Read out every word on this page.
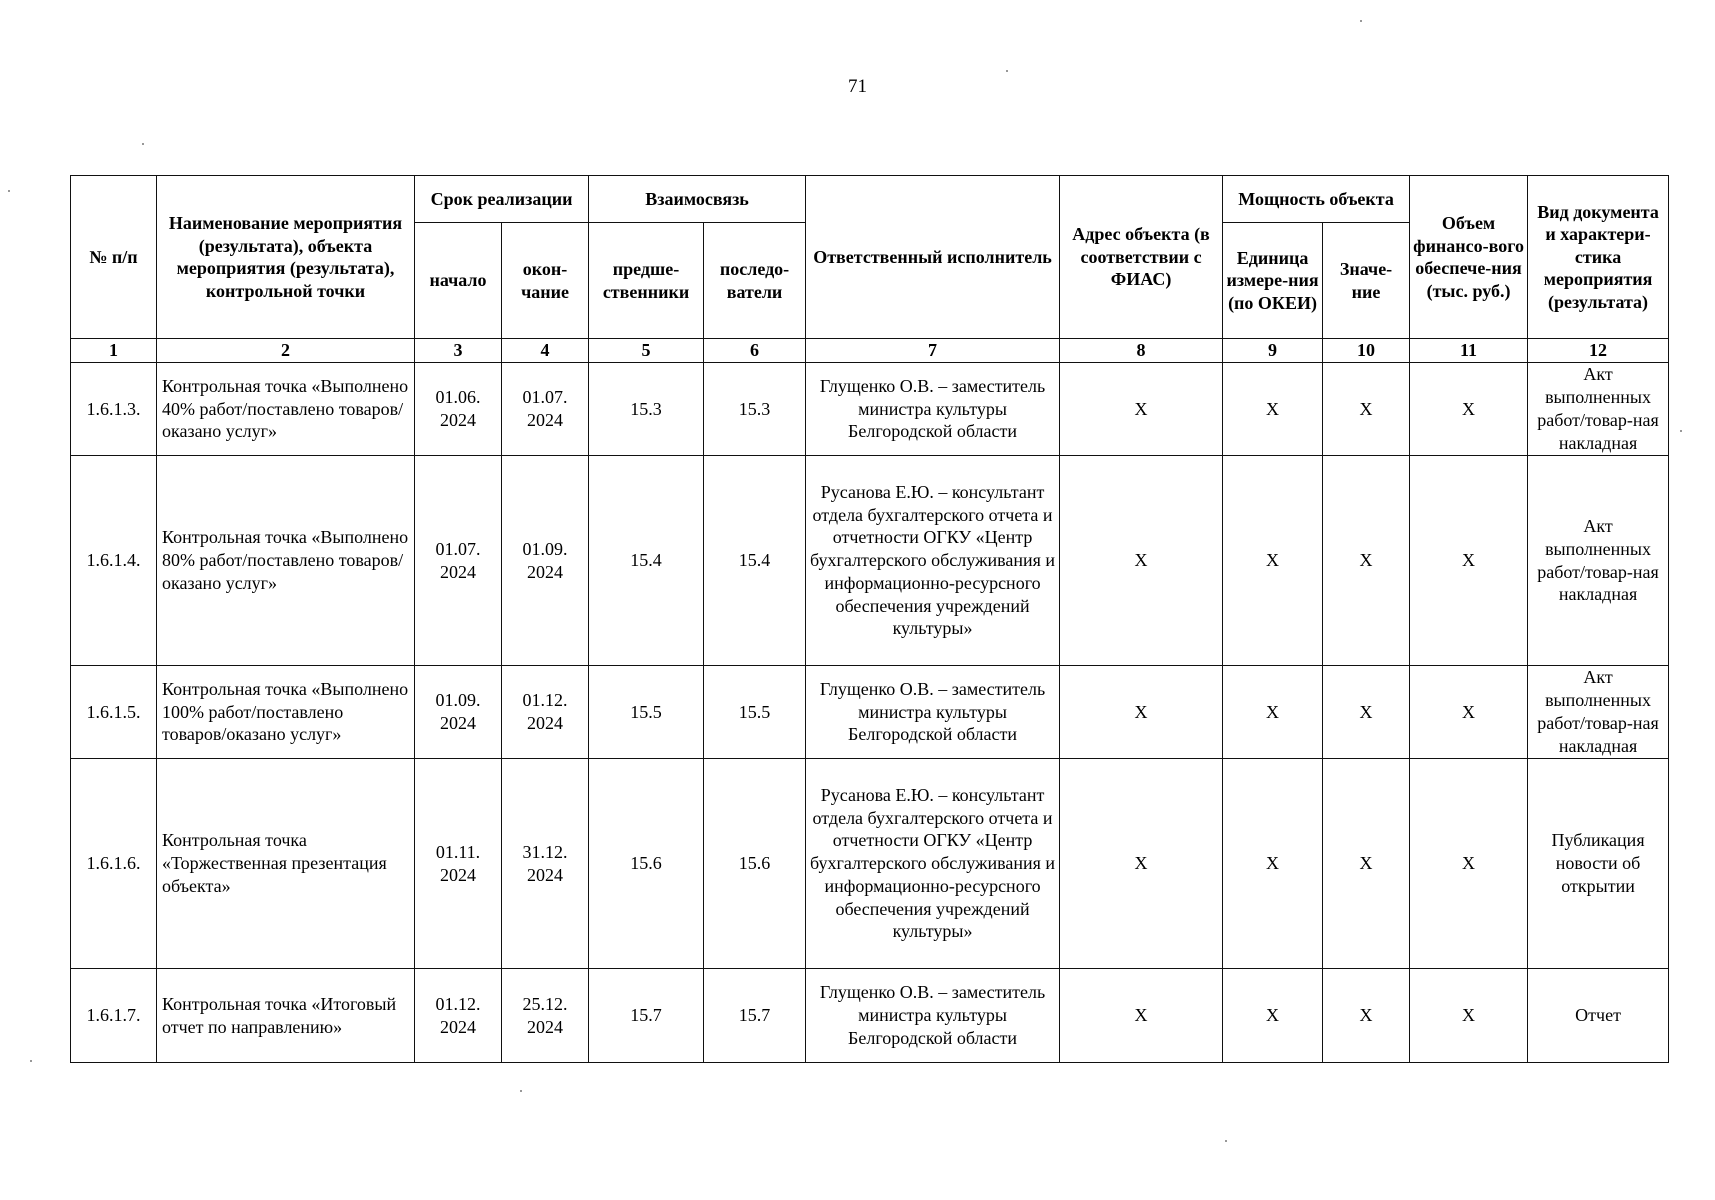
71
№ п/п	Наименование мероприятия (результата), объекта мероприятия (результата), контрольной точки	Срок реализации		Взаимосвязь		Ответственный исполнитель	Адрес объекта (в соответствии с ФИАС)	Мощность объекта		Объем финансо-вого обеспече-ния (тыс. руб.)	Вид документа и характери-стика мероприятия (результата)
		начало	окон-чание	предше-ственники	последо-ватели			Единица измере-ния (по ОКЕИ)	Значе-ние		
1	2	3	4	5	6	7	8	9	10	11	12
1.6.1.3.	Контрольная точка «Выполнено 40% работ/поставлено товаров/оказано услуг»	01.06. 2024	01.07. 2024	15.3	15.3	Глущенко О.В. – заместитель министра культуры Белгородской области	X	X	X	X	Акт выполненных работ/товар-ная накладная
1.6.1.4.	Контрольная точка «Выполнено 80% работ/поставлено товаров/оказано услуг»	01.07. 2024	01.09. 2024	15.4	15.4	Русанова Е.Ю. – консультант отдела бухгалтерского отчета и отчетности ОГКУ «Центр бухгалтерского обслуживания и информационно-ресурсного обеспечения учреждений культуры»	X	X	X	X	Акт выполненных работ/товар-ная накладная
1.6.1.5.	Контрольная точка «Выполнено 100% работ/поставлено товаров/оказано услуг»	01.09. 2024	01.12. 2024	15.5	15.5	Глущенко О.В. – заместитель министра культуры Белгородской области	X	X	X	X	Акт выполненных работ/товар-ная накладная
1.6.1.6.	Контрольная точка «Торжественная презентация объекта»	01.11. 2024	31.12. 2024	15.6	15.6	Русанова Е.Ю. – консультант отдела бухгалтерского отчета и отчетности ОГКУ «Центр бухгалтерского обслуживания и информационно-ресурсного обеспечения учреждений культуры»	X	X	X	X	Публикация новости об открытии
1.6.1.7.	Контрольная точка «Итоговый отчет по направлению»	01.12. 2024	25.12. 2024	15.7	15.7	Глущенко О.В. – заместитель министра культуры Белгородской области	X	X	X	X	Отчет
